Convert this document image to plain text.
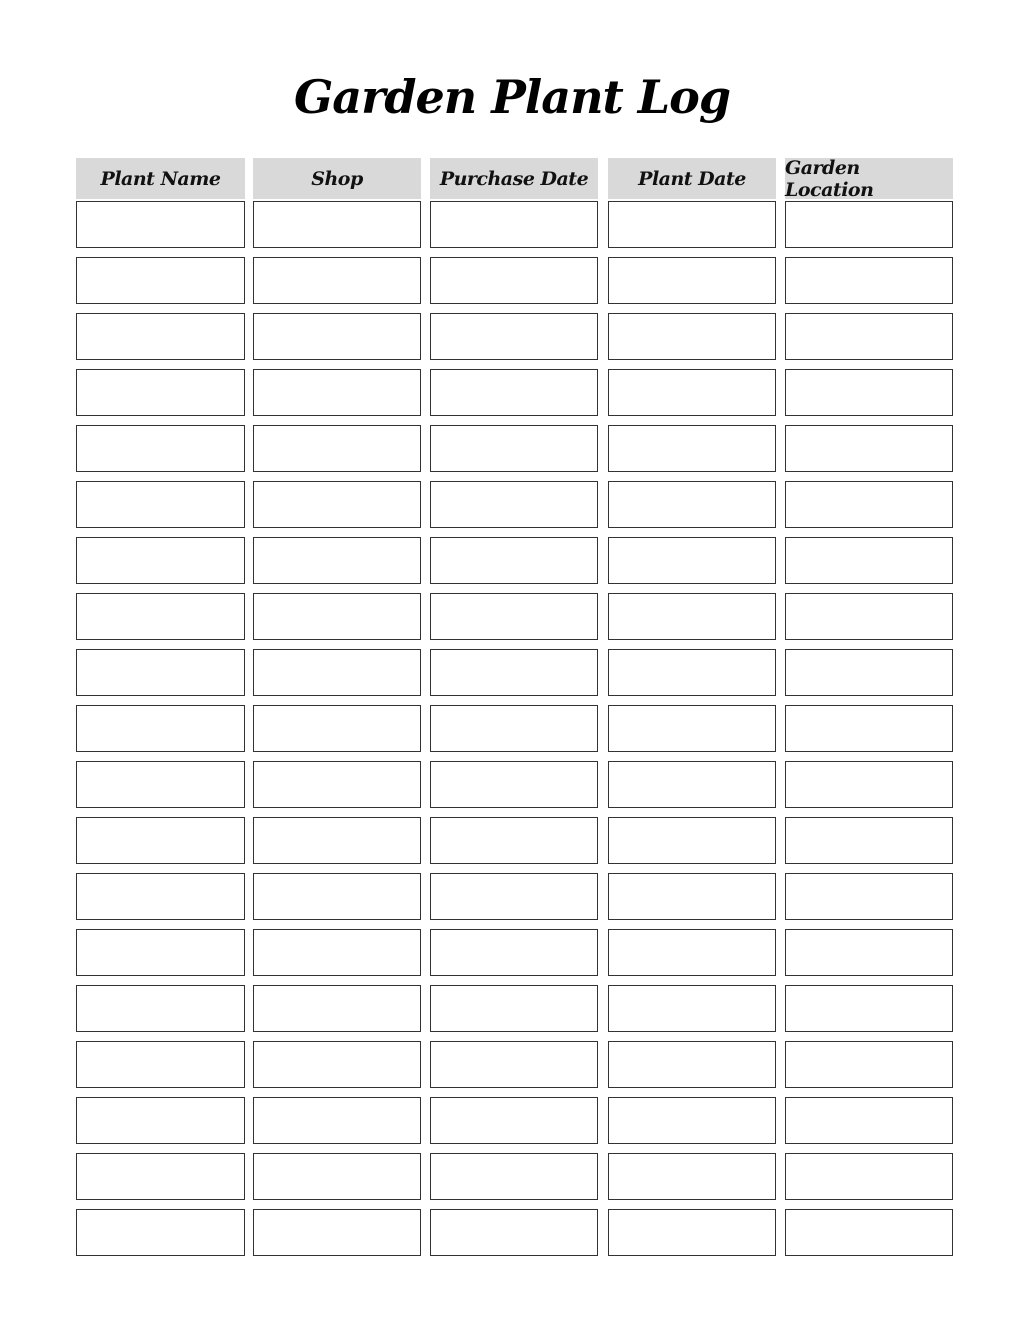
Garden Plant Log
Plant Name	Shop	Purchase Date	Plant Date	Garden Location
